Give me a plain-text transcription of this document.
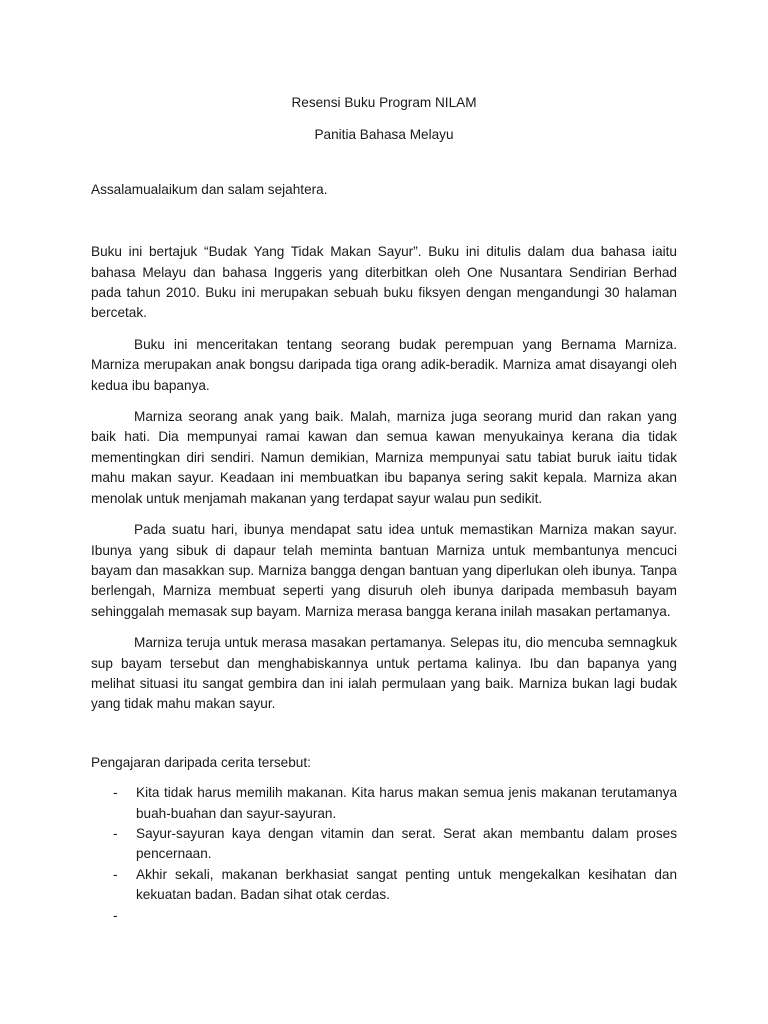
Resensi Buku Program NILAM

Panitia Bahasa Melayu

Assalamualaikum dan salam sejahtera.

Buku ini bertajuk “Budak Yang Tidak Makan Sayur”. Buku ini ditulis dalam dua bahasa iaitu bahasa Melayu dan bahasa Inggeris yang diterbitkan oleh One Nusantara Sendirian Berhad pada tahun 2010. Buku ini merupakan sebuah buku fiksyen dengan mengandungi 30 halaman bercetak.

Buku ini menceritakan tentang seorang budak perempuan yang Bernama Marniza. Marniza merupakan anak bongsu daripada tiga orang adik-beradik. Marniza amat disayangi oleh kedua ibu bapanya.

Marniza seorang anak yang baik. Malah, marniza juga seorang murid dan rakan yang baik hati. Dia mempunyai ramai kawan dan semua kawan menyukainya kerana dia tidak mementingkan diri sendiri. Namun demikian, Marniza mempunyai satu tabiat buruk iaitu tidak mahu makan sayur. Keadaan ini membuatkan ibu bapanya sering sakit kepala. Marniza akan menolak untuk menjamah makanan yang terdapat sayur walau pun sedikit.

Pada suatu hari, ibunya mendapat satu idea untuk memastikan Marniza makan sayur. Ibunya yang sibuk di dapaur telah meminta bantuan Marniza untuk membantunya mencuci bayam dan masakkan sup. Marniza bangga dengan bantuan yang diperlukan oleh ibunya. Tanpa berlengah, Marniza membuat seperti yang disuruh oleh ibunya daripada membasuh bayam sehinggalah memasak sup bayam. Marniza merasa bangga kerana inilah masakan pertamanya.

Marniza teruja untuk merasa masakan pertamanya. Selepas itu, dio mencuba semnagkuk sup bayam tersebut dan menghabiskannya untuk pertama kalinya. Ibu dan bapanya yang melihat situasi itu sangat gembira dan ini ialah permulaan yang baik. Marniza bukan lagi budak yang tidak mahu makan sayur.

Pengajaran daripada cerita tersebut:

- Kita tidak harus memilih makanan. Kita harus makan semua jenis makanan terutamanya buah-buahan dan sayur-sayuran.
- Sayur-sayuran kaya dengan vitamin dan serat. Serat akan membantu dalam proses pencernaan.
- Akhir sekali, makanan berkhasiat sangat penting untuk mengekalkan kesihatan dan kekuatan badan. Badan sihat otak cerdas.
-
